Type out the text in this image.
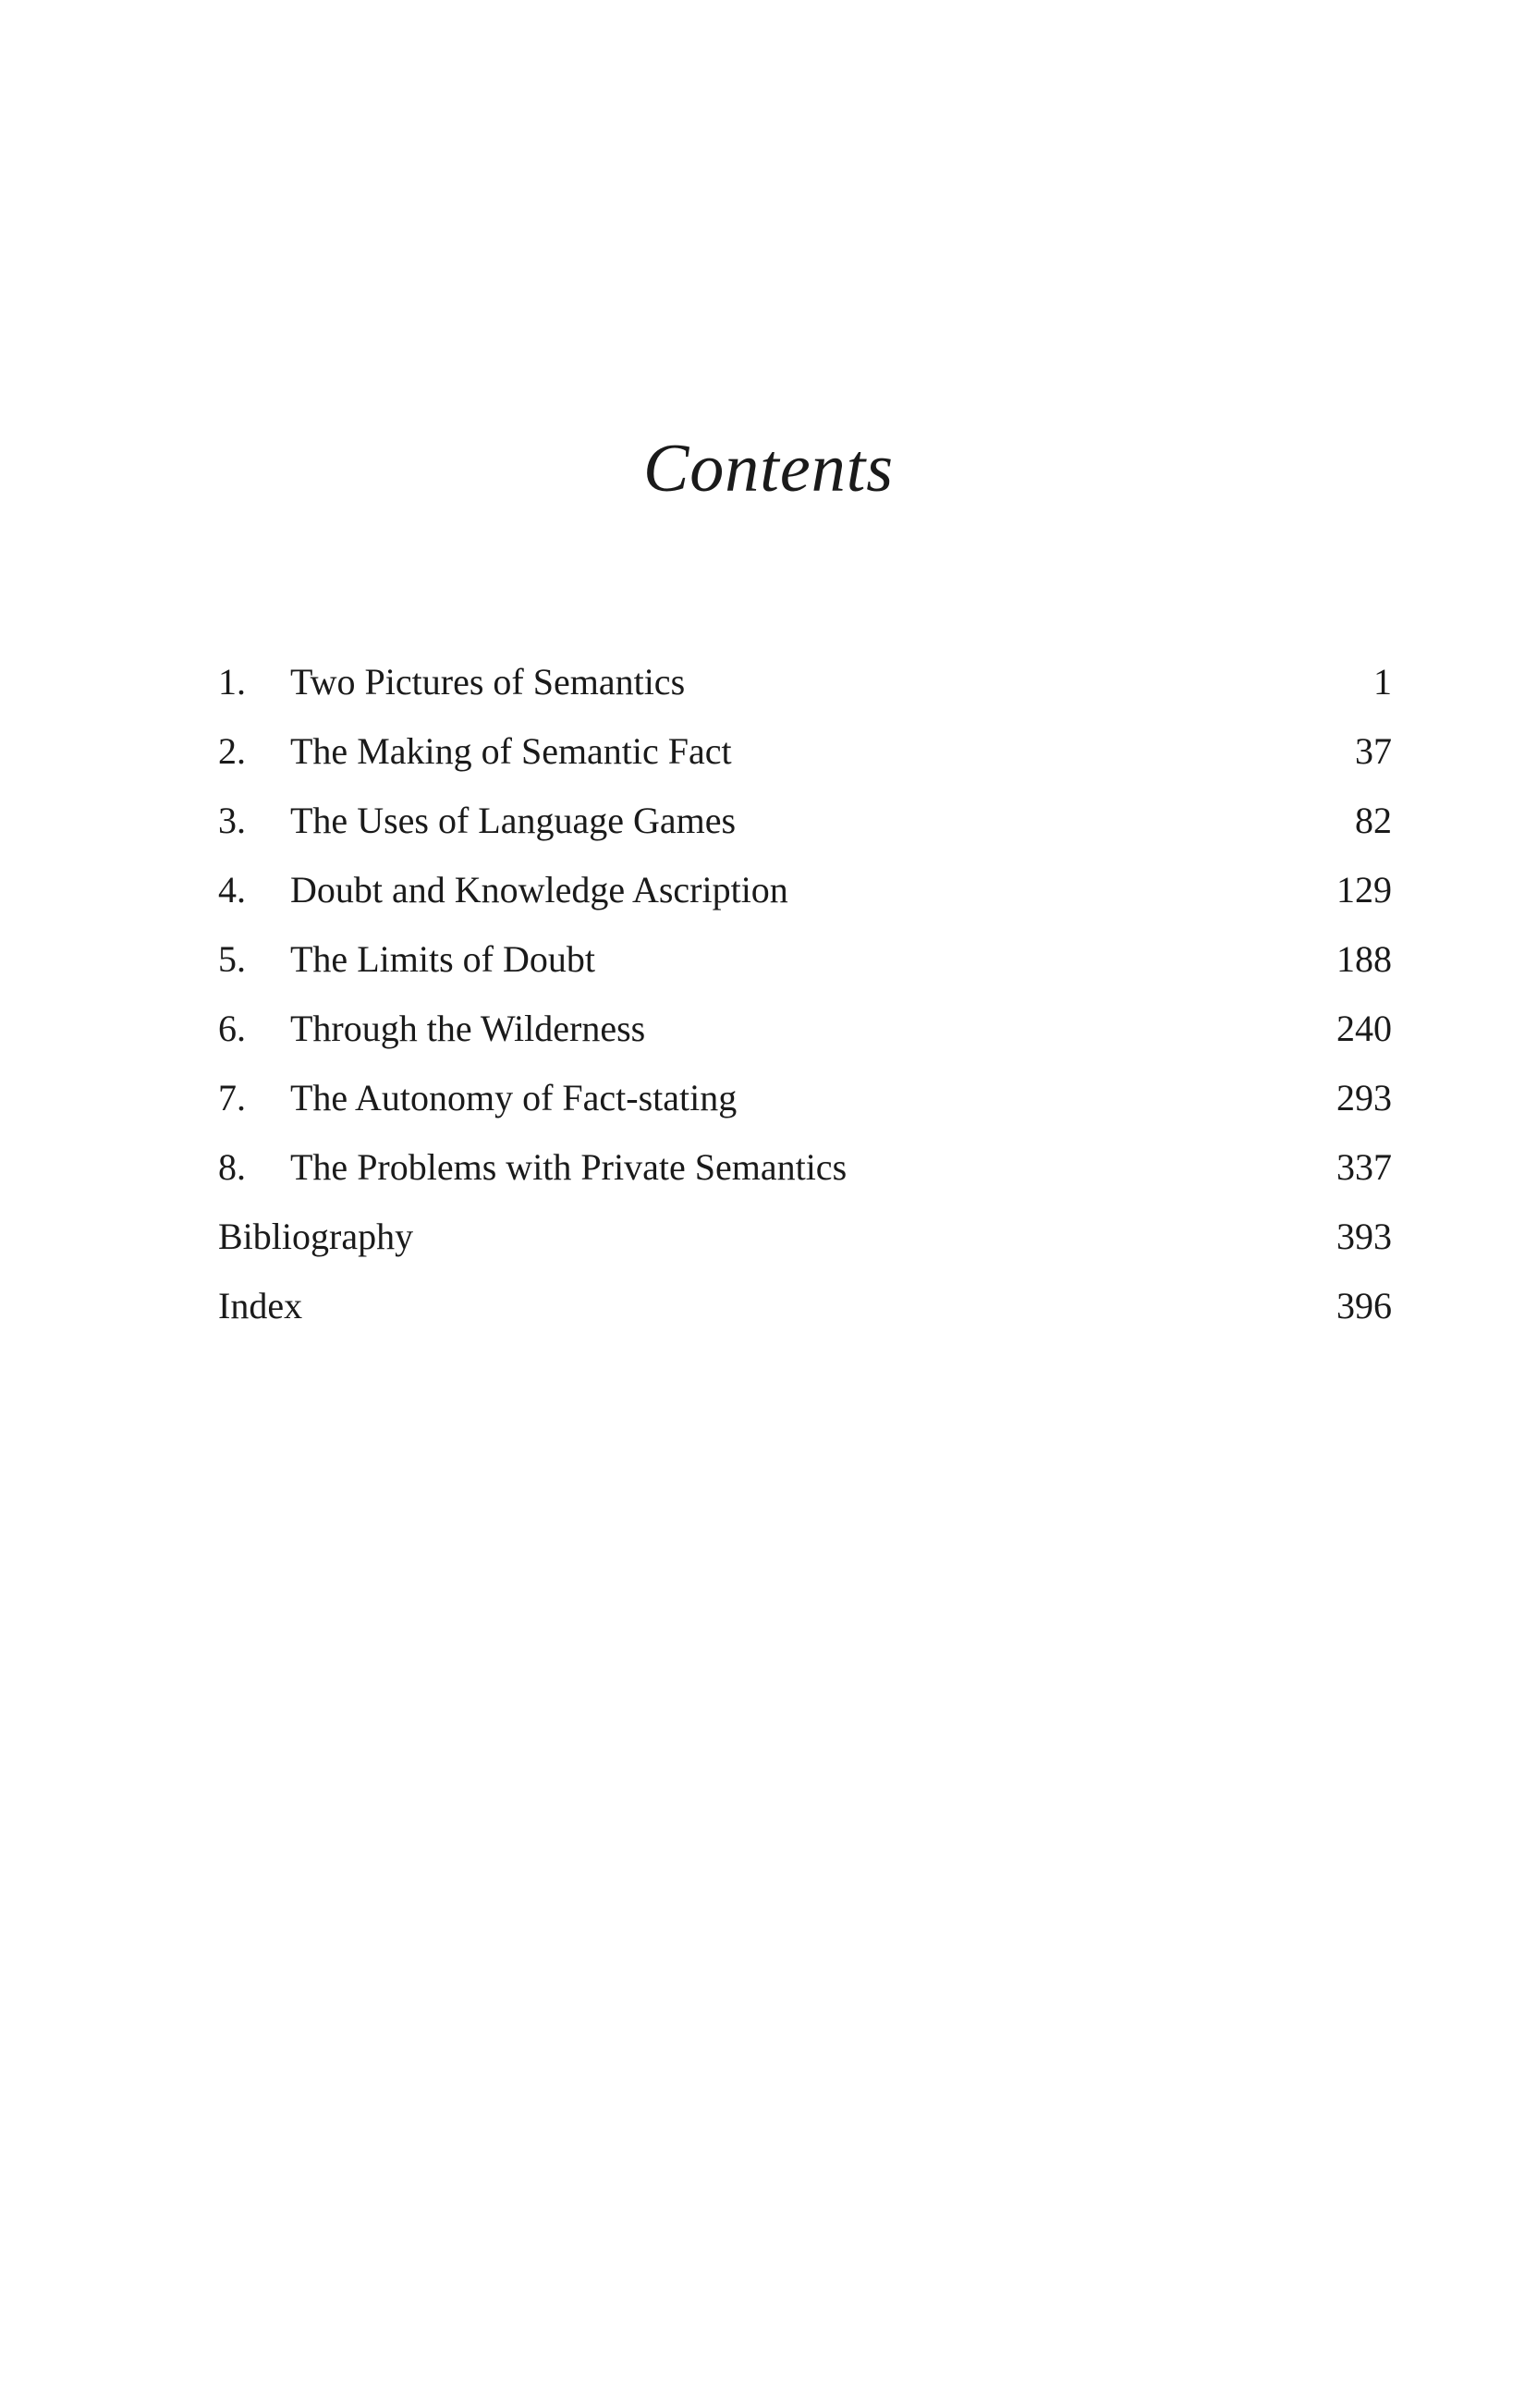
Contents
1. Two Pictures of Semantics	1
2. The Making of Semantic Fact	37
3. The Uses of Language Games	82
4. Doubt and Knowledge Ascription	129
5. The Limits of Doubt	188
6. Through the Wilderness	240
7. The Autonomy of Fact-stating	293
8. The Problems with Private Semantics	337
Bibliography	393
Index	396
